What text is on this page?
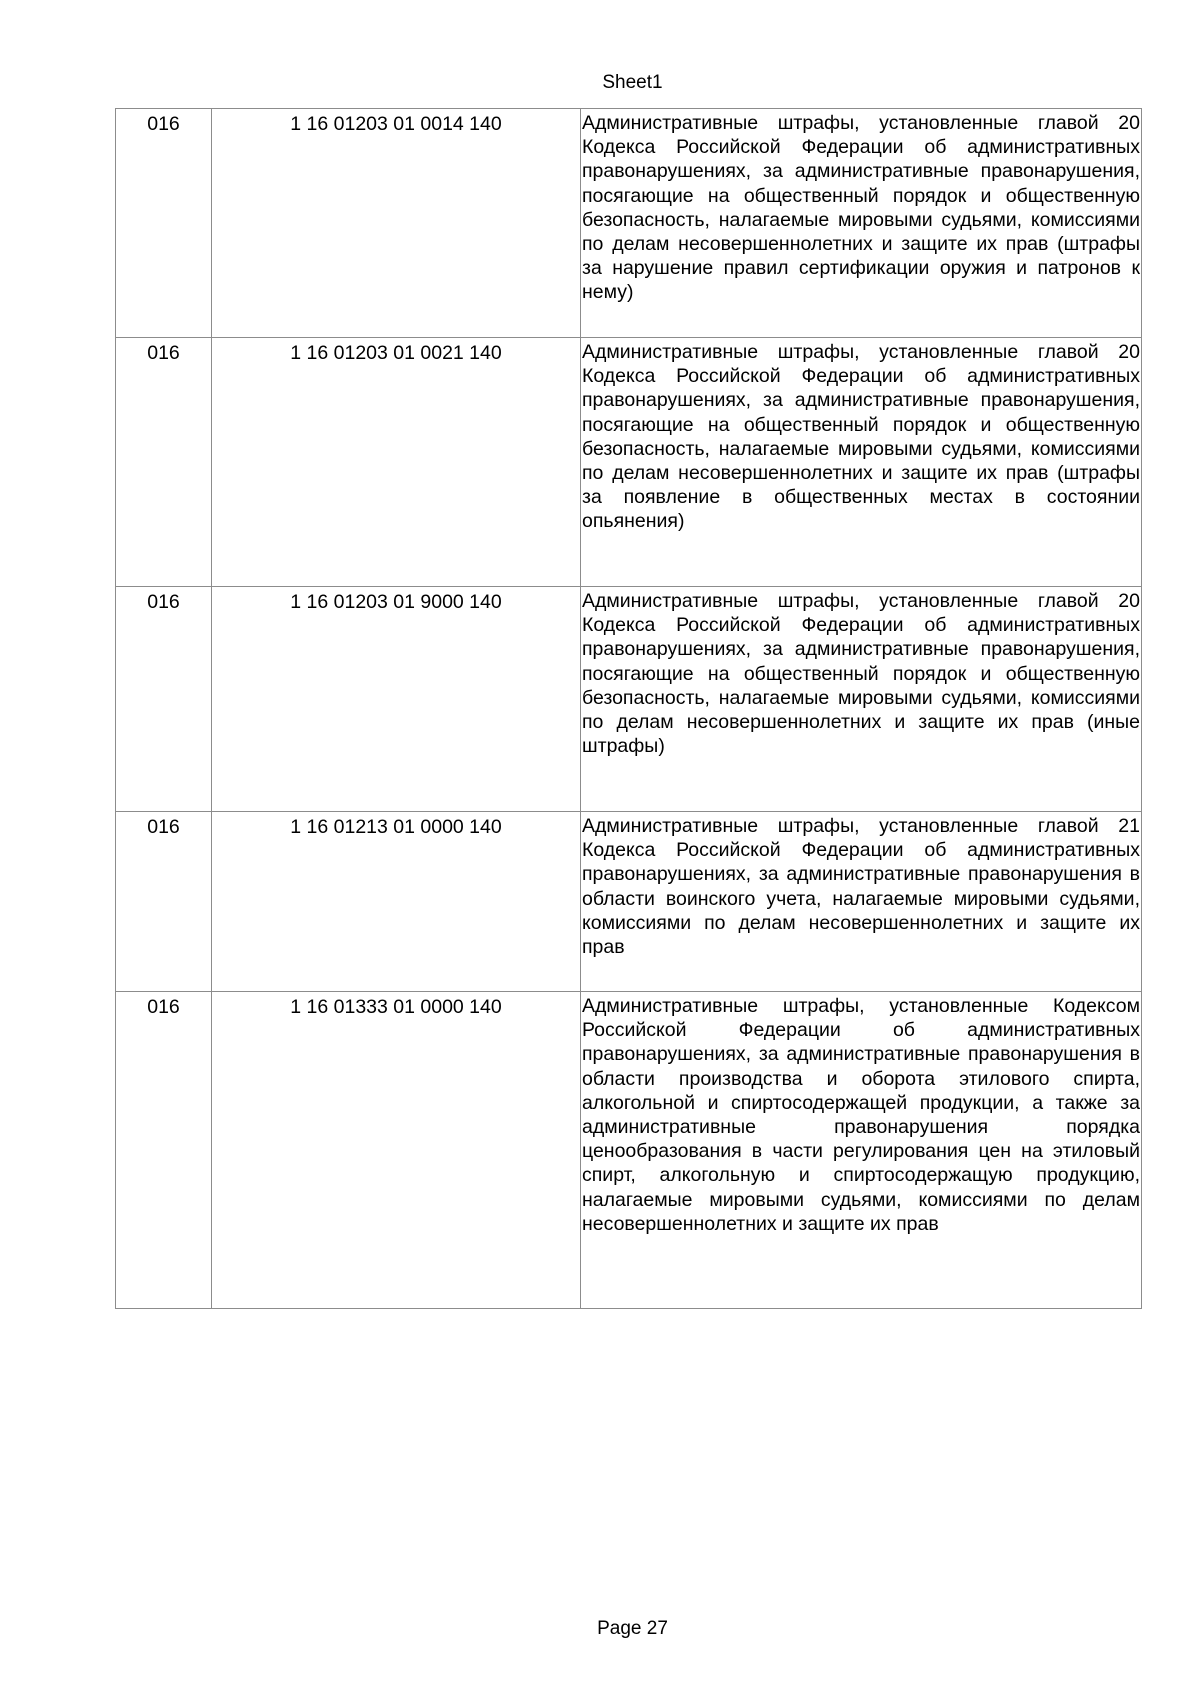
Sheet1
016	1 16 01203 01 0014 140	Административные штрафы, установленные главой 20 Кодекса Российской Федерации об административных правонарушениях, за административные правонарушения, посягающие на общественный порядок и общественную безопасность, налагаемые мировыми судьями, комиссиями по делам несовершеннолетних и защите их прав (штрафы за нарушение правил сертификации оружия и патронов к нему)
016	1 16 01203 01 0021 140	Административные штрафы, установленные главой 20 Кодекса Российской Федерации об административных правонарушениях, за административные правонарушения, посягающие на общественный порядок и общественную безопасность, налагаемые мировыми судьями, комиссиями по делам несовершеннолетних и защите их прав (штрафы за появление в общественных местах в состоянии опьянения)
016	1 16 01203 01 9000 140	Административные штрафы, установленные главой 20 Кодекса Российской Федерации об административных правонарушениях, за административные правонарушения, посягающие на общественный порядок и общественную безопасность, налагаемые мировыми судьями, комиссиями по делам несовершеннолетних и защите их прав (иные штрафы)
016	1 16 01213 01 0000 140	Административные штрафы, установленные главой 21 Кодекса Российской Федерации об административных правонарушениях, за административные правонарушения в области воинского учета, налагаемые мировыми судьями, комиссиями по делам несовершеннолетних и защите их прав
016	1 16 01333 01 0000 140	Административные штрафы, установленные Кодексом Российской Федерации об административных правонарушениях, за административные правонарушения в области производства и оборота этилового спирта, алкогольной и спиртосодержащей продукции, а также за административные правонарушения порядка ценообразования в части регулирования цен на этиловый спирт, алкогольную и спиртосодержащую продукцию, налагаемые мировыми судьями, комиссиями по делам несовершеннолетних и защите их прав
Page 27
